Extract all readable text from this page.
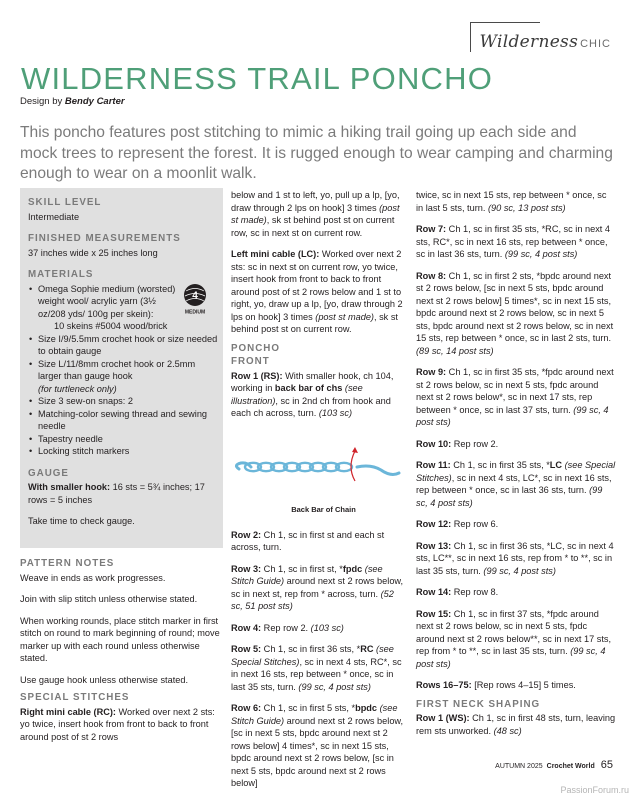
Wilderness CHIC
WILDERNESS TRAIL PONCHO
Design by Bendy Carter
This poncho features post stitching to mimic a hiking trail going up each side and mock trees to represent the forest. It is rugged enough to wear camping and charming enough to wear on a moonlit walk.
SKILL LEVEL
Intermediate
FINISHED MEASUREMENTS
37 inches wide x 25 inches long
MATERIALS
4
MEDIUM
• Omega Sophie medium (worsted) weight wool/ acrylic yarn (3½ oz/208 yds/ 100g per skein):
10 skeins #5004 wood/brick
• Size I/9/5.5mm crochet hook or size needed to obtain gauge
• Size L/11/8mm crochet hook or 2.5mm larger than gauge hook
(for turtleneck only)
• Size 3 sew-on snaps: 2
• Matching-color sewing thread and sewing needle
• Tapestry needle
• Locking stitch markers
GAUGE

With smaller hook: 16 sts = 5¾ inches; 17 rows = 5 inches

Take time to check gauge.

PATTERN NOTES

Weave in ends as work progresses.

Join with slip stitch unless otherwise stated.

When working rounds, place stitch marker in first stitch on round to mark beginning of round; move marker up with each round unless otherwise stated.

Use gauge hook unless otherwise stated.

SPECIAL STITCHES

Right mini cable (RC): Worked over next 2 sts: yo twice, insert hook from front to back to front around post of st 2 rows

below and 1 st to left, yo, pull up a lp, [yo, draw through 2 lps on hook] 3 times (post st made), sk st behind post st on current row, sc in next st on current row.

Left mini cable (LC): Worked over next 2 sts: sc in next st on current row, yo twice, insert hook from front to back to front around post of st 2 rows below and 1 st to right, yo, draw up a lp, [yo, draw through 2 lps on hook] 3 times (post st made), sk st behind post st on current row.

PONCHO
FRONT

Row 1 (RS): With smaller hook, ch 104, working in back bar of chs (see illustration), sc in 2nd ch from hook and each ch across, turn. (103 sc)

Back Bar of Chain

Row 2: Ch 1, sc in first st and each st across, turn.

Row 3: Ch 1, sc in first st, *fpdc (see Stitch Guide) around next st 2 rows below, sc in next st, rep from * across, turn. (52 sc, 51 post sts)

Row 4: Rep row 2. (103 sc)

Row 5: Ch 1, sc in first 36 sts, *RC (see Special Stitches), sc in next 4 sts, RC*, sc in next 16 sts, rep between * once, sc in last 35 sts, turn. (99 sc, 4 post sts)

Row 6: Ch 1, sc in first 5 sts, *bpdc (see Stitch Guide) around next st 2 rows below, [sc in next 5 sts, bpdc around next st 2 rows below] 4 times*, sc in next 15 sts, bpdc around next st 2 rows below, [sc in next 5 sts, bpdc around next st 2 rows below]

twice, sc in next 15 sts, rep between * once, sc in last 5 sts, turn. (90 sc, 13 post sts)

Row 7: Ch 1, sc in first 35 sts, *RC, sc in next 4 sts, RC*, sc in next 16 sts, rep between * once, sc in last 36 sts, turn. (99 sc, 4 post sts)

Row 8: Ch 1, sc in first 2 sts, *bpdc around next st 2 rows below, [sc in next 5 sts, bpdc around next st 2 rows below] 5 times*, sc in next 15 sts, bpdc around next st 2 rows below, sc in next 5 sts, bpdc around next st 2 rows below, sc in next 15 sts, rep between * once, sc in last 2 sts, turn. (89 sc, 14 post sts)

Row 9: Ch 1, sc in first 35 sts, *fpdc around next st 2 rows below, sc in next 5 sts, fpdc around next st 2 rows below*, sc in next 17 sts, rep between * once, sc in last 37 sts, turn. (99 sc, 4 post sts)

Row 10: Rep row 2.

Row 11: Ch 1, sc in first 35 sts, *LC (see Special Stitches), sc in next 4 sts, LC*, sc in next 16 sts, rep between * once, sc in last 36 sts, turn. (99 sc, 4 post sts)

Row 12: Rep row 6.

Row 13: Ch 1, sc in first 36 sts, *LC, sc in next 4 sts, LC**, sc in next 16 sts, rep from * to **, sc in last 35 sts, turn. (99 sc, 4 post sts)

Row 14: Rep row 8.

Row 15: Ch 1, sc in first 37 sts, *fpdc around next st 2 rows below, sc in next 5 sts, fpdc around next st 2 rows below**, sc in next 17 sts, rep from * to **, sc in last 35 sts, turn. (99 sc, 4 post sts)

Rows 16–75: [Rep rows 4–15] 5 times.

FIRST NECK SHAPING

Row 1 (WS): Ch 1, sc in first 48 sts, turn, leaving rem sts unworked. (48 sc)

AUTUMN 2025 Crochet World 65
PassionForum.ru
